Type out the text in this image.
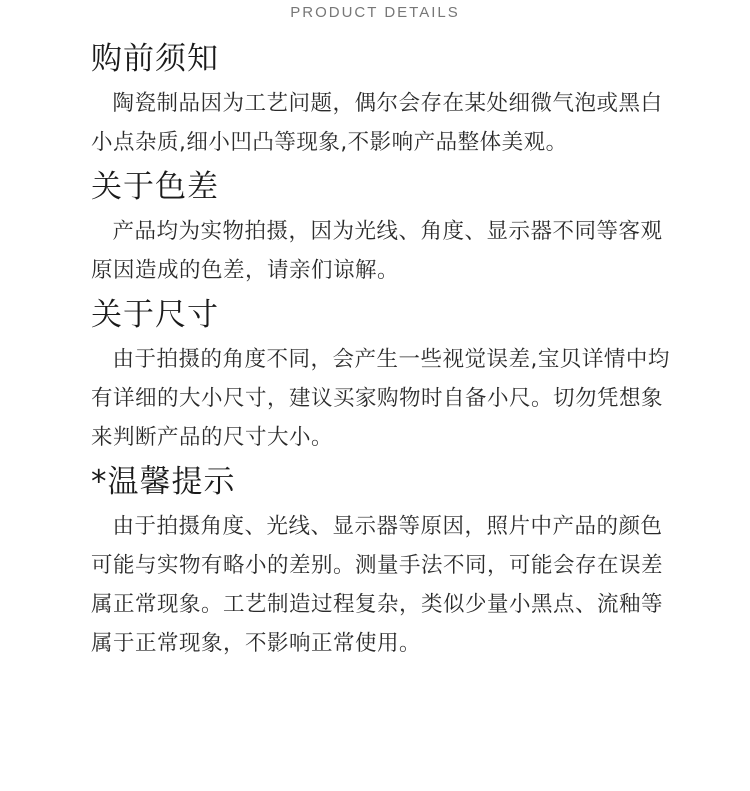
PRODUCT DETAILS
购前须知

陶瓷制品因为工艺问题，偶尔会存在某处细微气泡或黑白小点杂质,细小凹凸等现象,不影响产品整体美观。

关于色差

产品均为实物拍摄，因为光线、角度、显示器不同等客观原因造成的色差，请亲们谅解。

关于尺寸

由于拍摄的角度不同，会产生一些视觉误差,宝贝详情中均有详细的大小尺寸，建议买家购物时自备小尺。切勿凭想象来判断产品的尺寸大小。

*温馨提示

由于拍摄角度、光线、显示器等原因，照片中产品的颜色可能与实物有略小的差别。测量手法不同，可能会存在误差属正常现象。工艺制造过程复杂，类似少量小黑点、流釉等属于正常现象，不影响正常使用。
